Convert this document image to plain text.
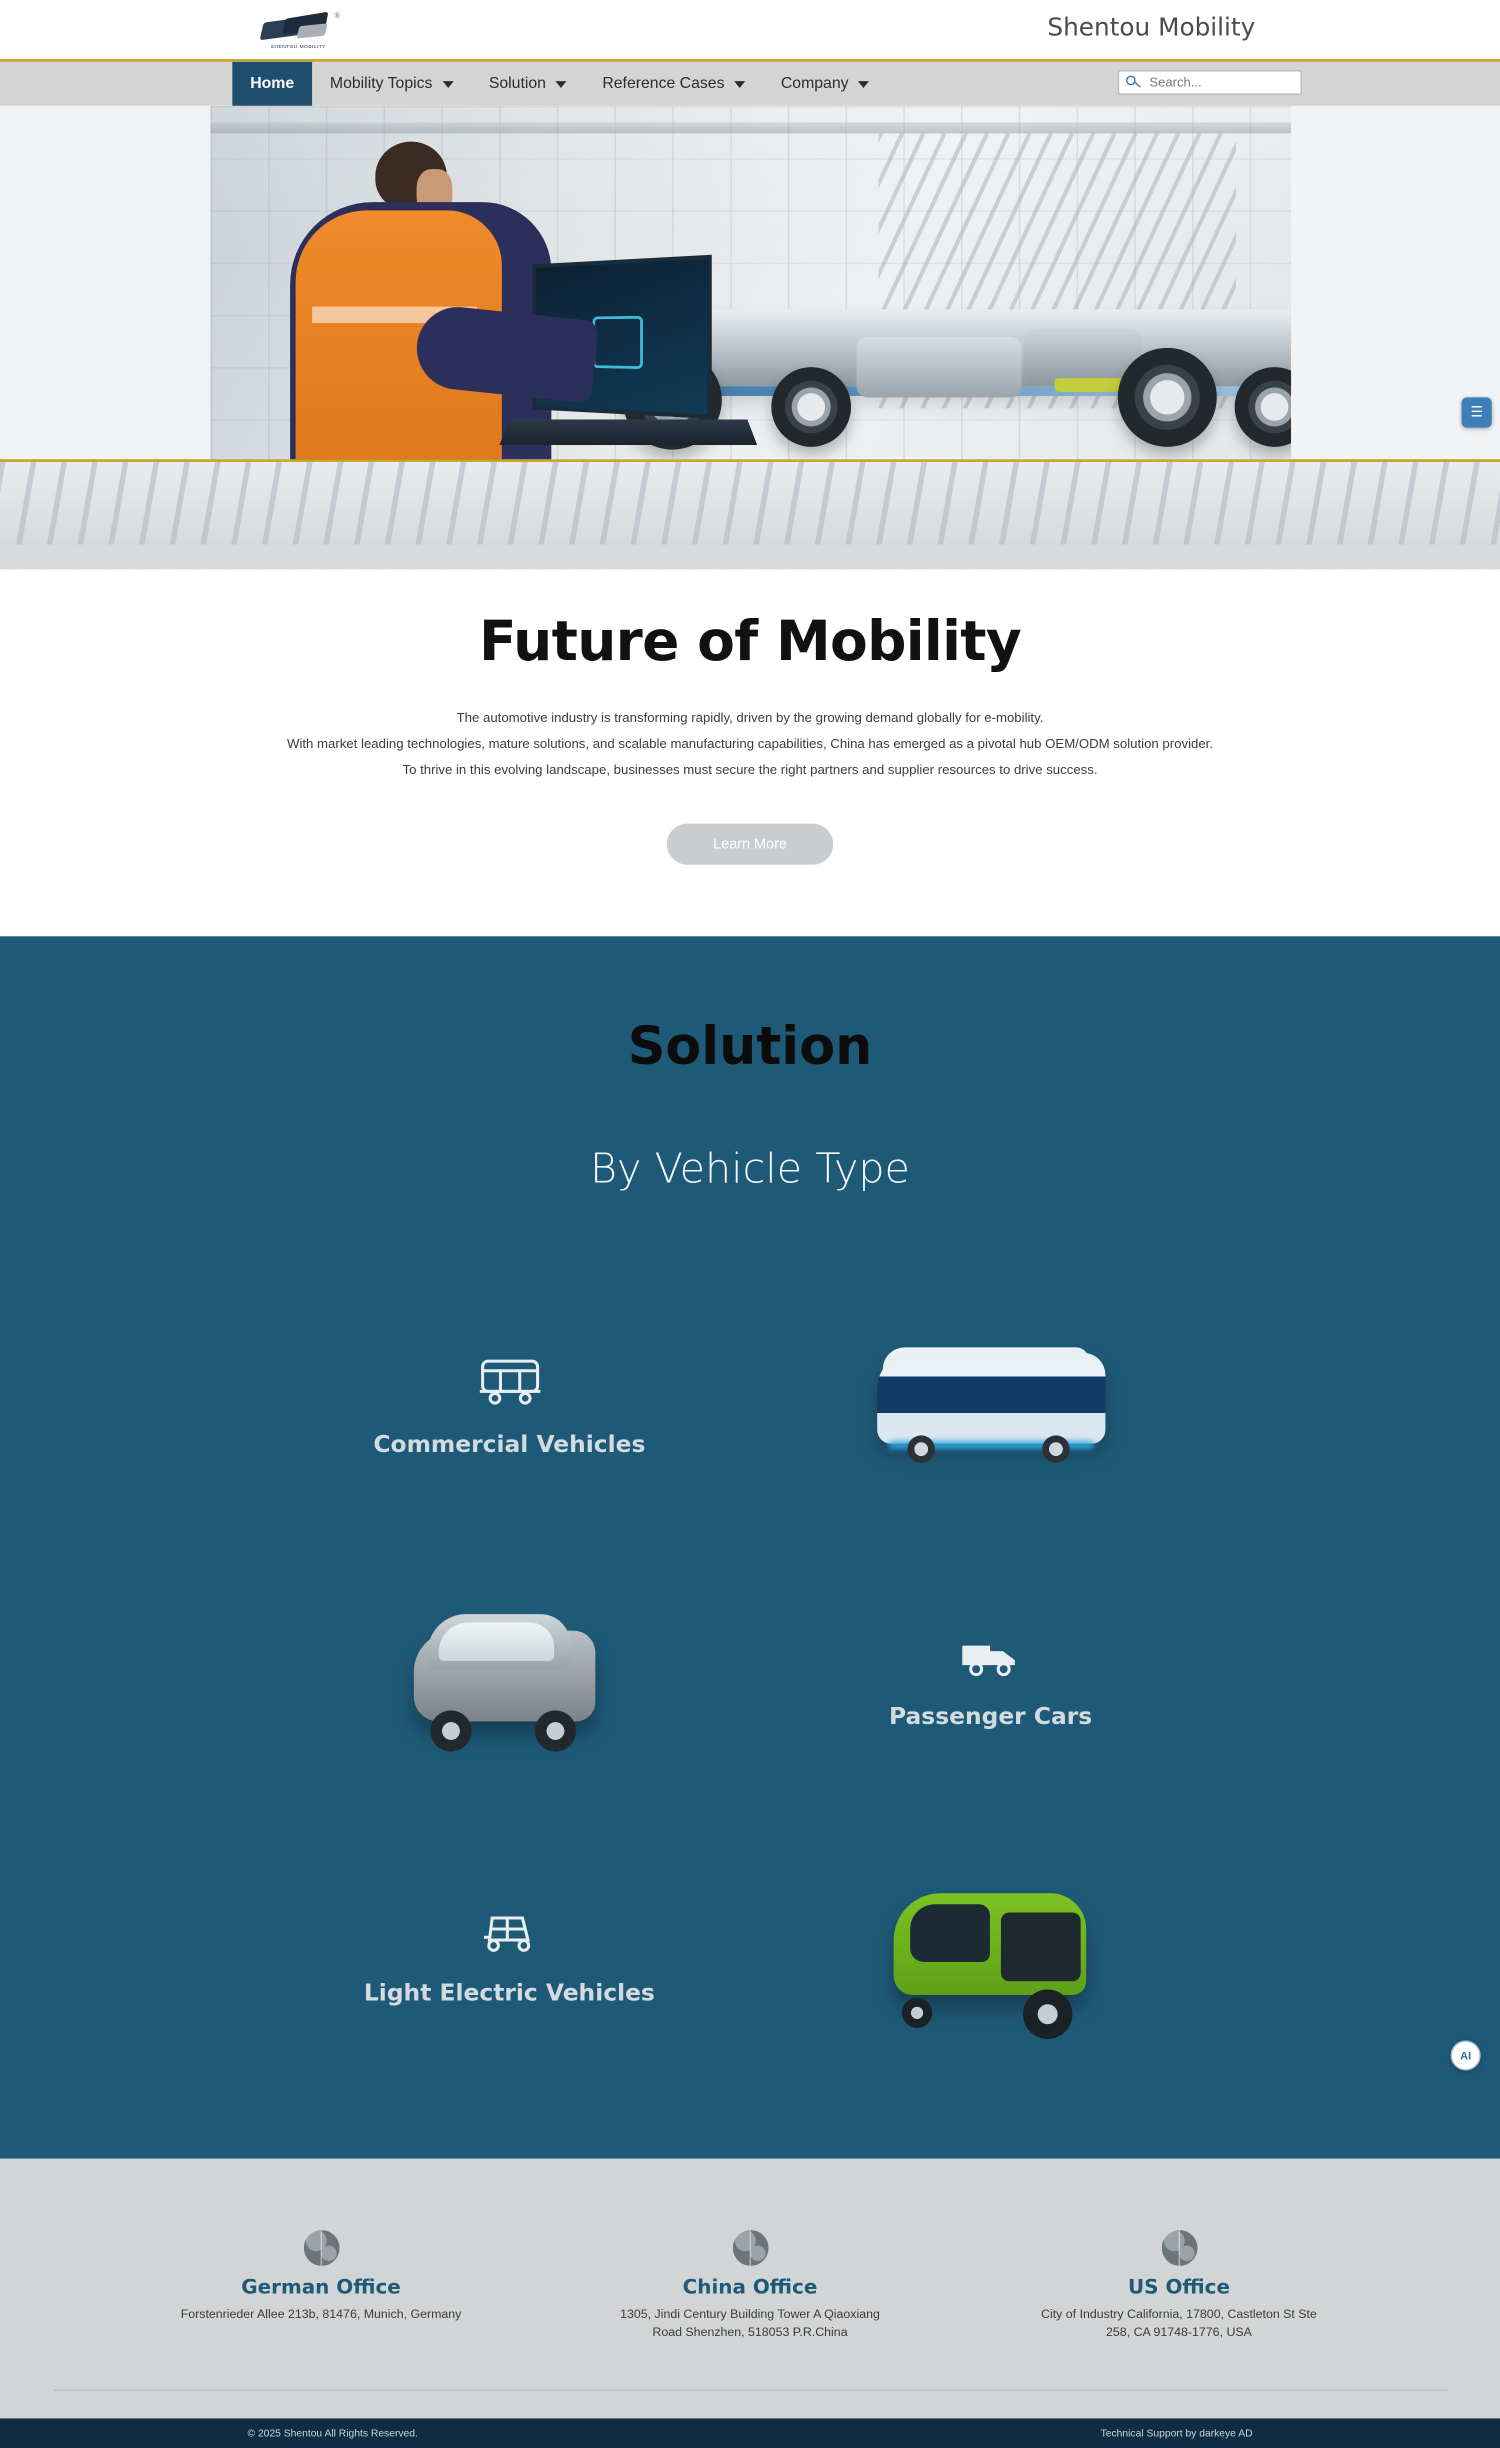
®
SHENTOU MOBILITY
Shentou Mobility
Home	Mobility Topics	Solution	Reference Cases	Company
Search...
Future of Mobility

The automotive industry is transforming rapidly, driven by the growing demand globally for e-mobility.

With market leading technologies, mature solutions, and scalable manufacturing capabilities, China has emerged as a pivotal hub OEM/ODM solution provider.

To thrive in this evolving landscape, businesses must secure the right partners and supplier resources to drive success.

Learn More
Solution
By Vehicle Type
Commercial Vehicles
Passenger Cars
Light Electric Vehicles
German Office
Forstenrieder Allee 213b, 81476, Munich, Germany
China Office
1305, Jindi Century Building Tower A Qiaoxiang Road Shenzhen, 518053 P.R.China
US Office
City of Industry California, 17800, Castleton St Ste 258, CA 91748-1776, USA
© 2025 Shentou All Rights Reserved.	Technical Support by darkeye AD
☰
AI
